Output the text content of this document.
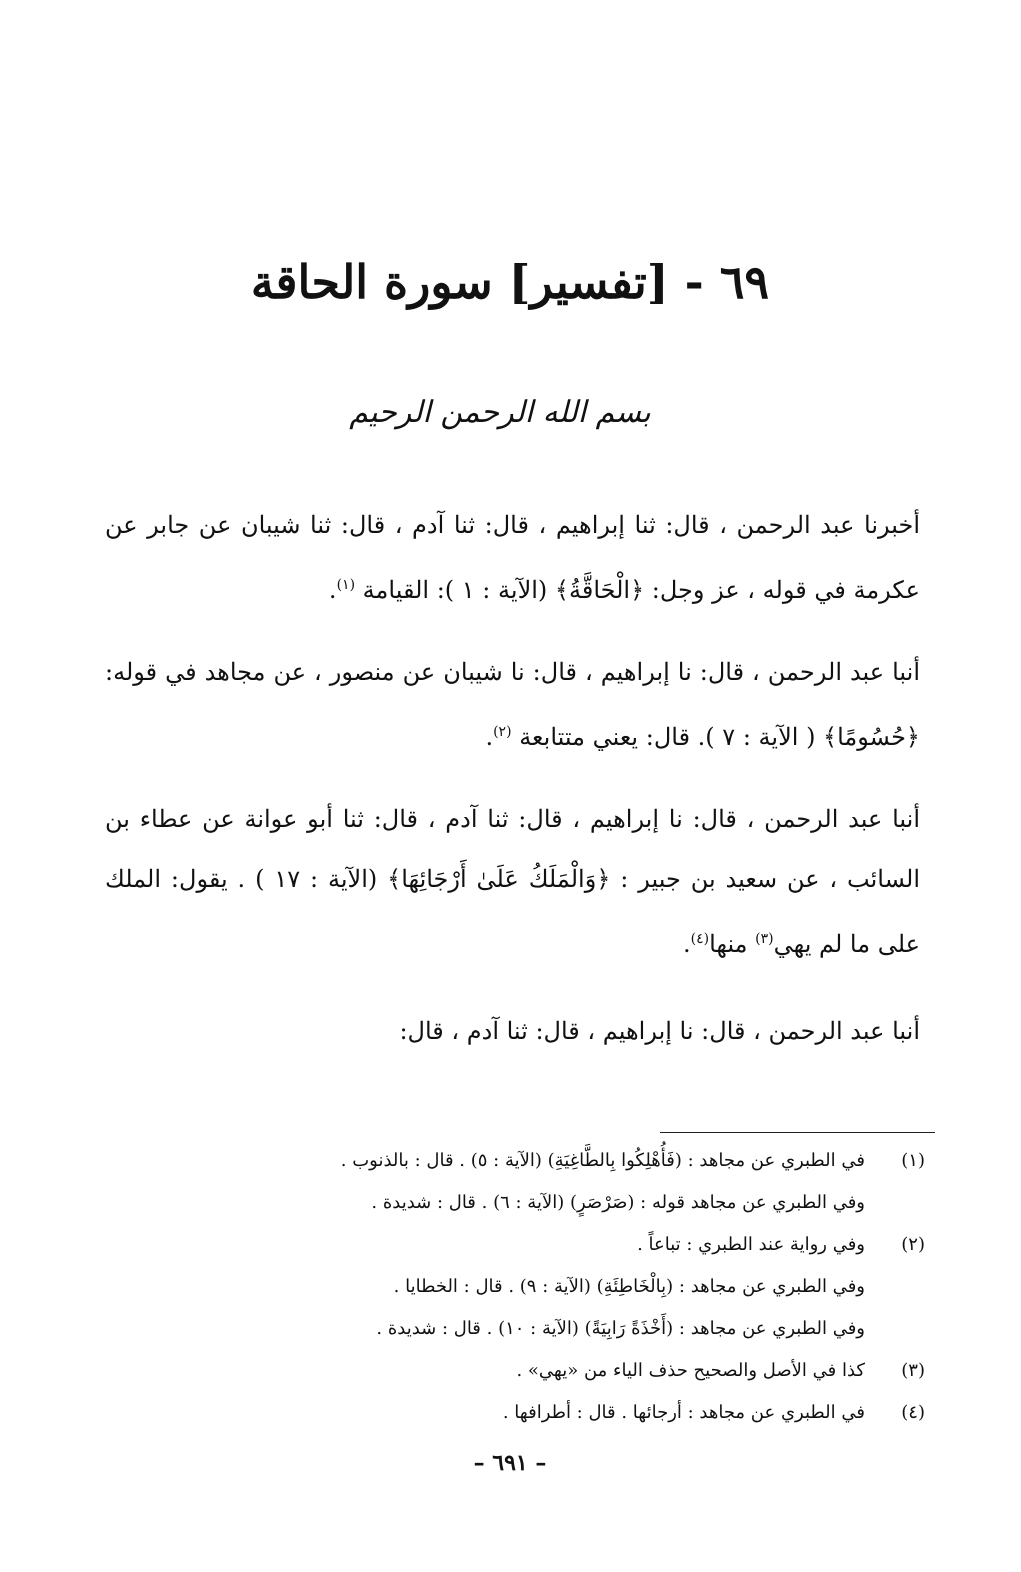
٦٩ - [تفسير] سورة الحاقة
بسم الله الرحمن الرحيم

أخبرنا عبد الرحمن ، قال: ثنا إبراهيم ، قال: ثنا آدم ، قال: ثنا شيبان عن جابر عن عكرمة في قوله ، عز وجل: ﴿الْحَاقَّةُ﴾ (الآية : ١ ): القيامة $^{(١)}$.

أنبا عبد الرحمن ، قال: نا إبراهيم ، قال: نا شيبان عن منصور ، عن مجاهد في قوله: ﴿حُسُومًا﴾ ( الآية : ٧ ). قال: يعني متتابعة $^{(٢)}$.

أنبا عبد الرحمن ، قال: نا إبراهيم ، قال: ثنا آدم ، قال: ثنا أبو عوانة عن عطاء بن السائب ، عن سعيد بن جبير : ﴿وَالْمَلَكُ عَلَىٰ أَرْجَائِهَا﴾ (الآية : ١٧ ) . يقول: الملك على ما لم يهي$^{(٣)}$ منها$^{(٤)}$.

أنبا عبد الرحمن ، قال: نا إبراهيم ، قال: ثنا آدم ، قال:

(١)
في الطبري عن مجاهد : (فَأُهْلِكُوا بِالطَّاغِيَةِ) (الآية : ٥) . قال : بالذنوب .
وفي الطبري عن مجاهد قوله : (صَرْصَرٍ) (الآية : ٦) . قال : شديدة .
(٢)
وفي رواية عند الطبري : تباعاً .
وفي الطبري عن مجاهد : (بِالْخَاطِئَةِ) (الآية : ٩) . قال : الخطايا .
وفي الطبري عن مجاهد : (أَخْذَةً رَابِيَةً) (الآية : ١٠) . قال : شديدة .
(٣)
كذا في الأصل والصحيح حذف الياء من «يهي» .
(٤)
في الطبري عن مجاهد : أرجائها . قال : أطرافها .
– ٦٩١ –
